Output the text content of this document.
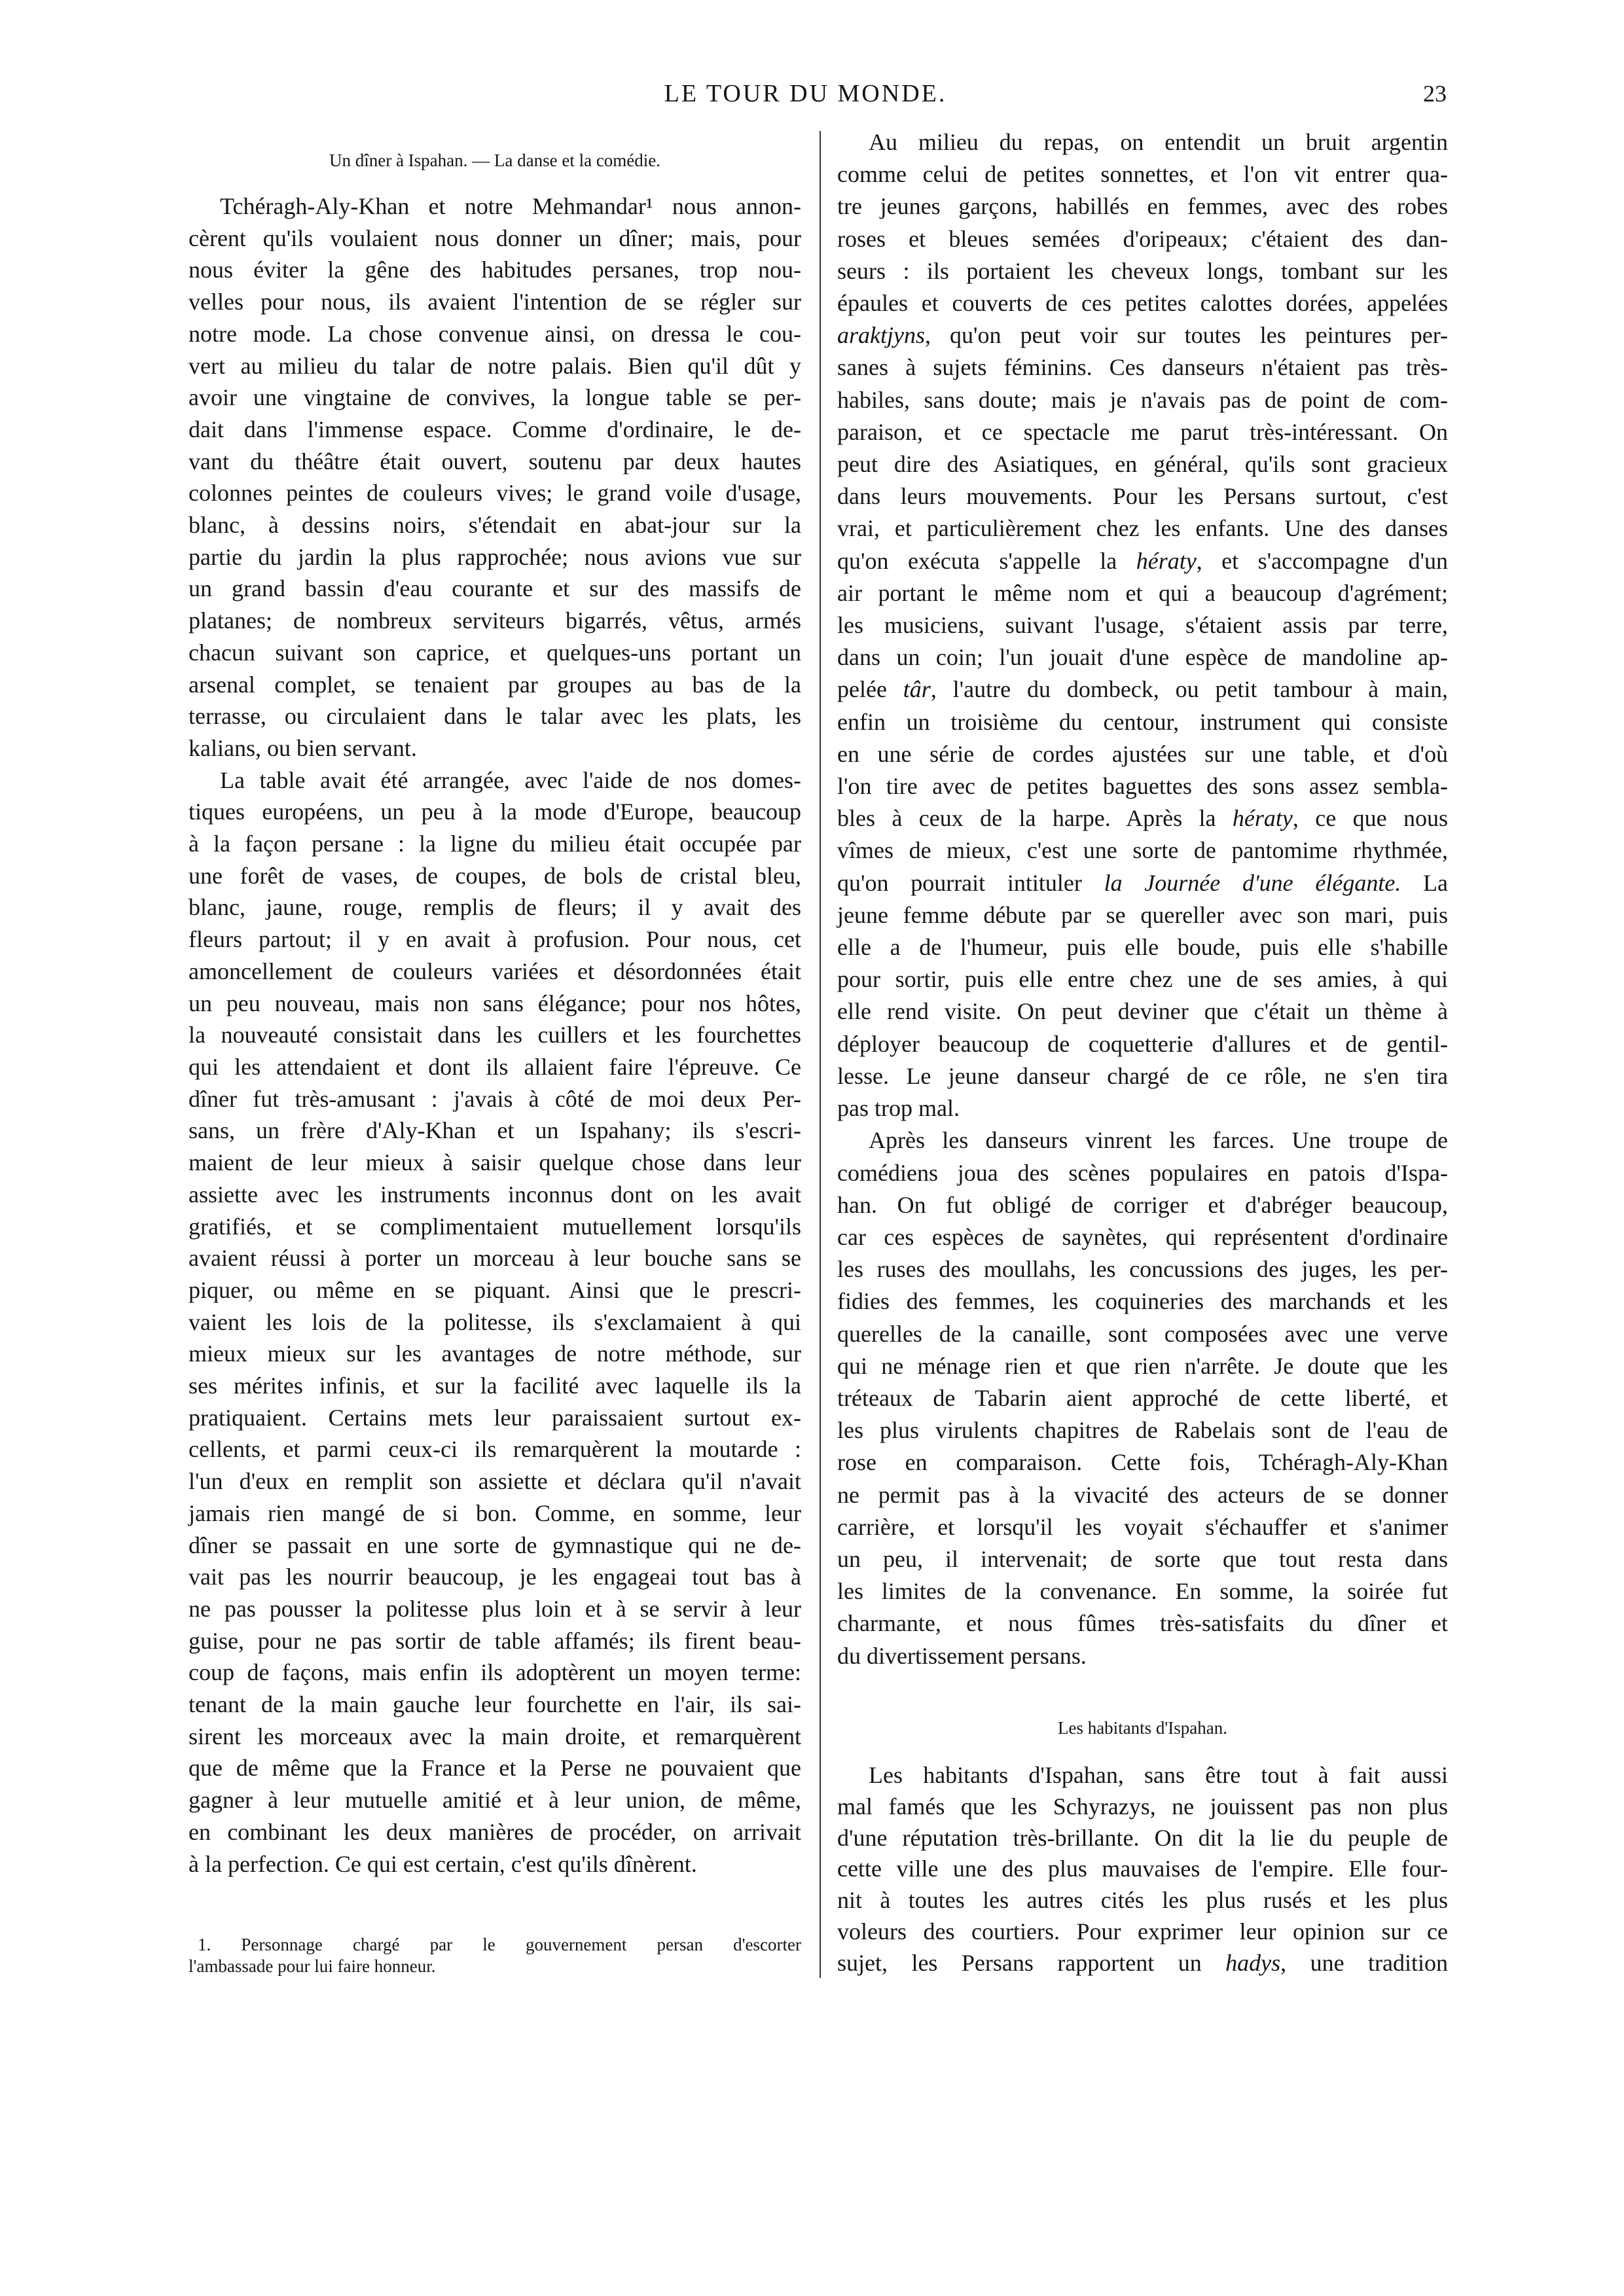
LE TOUR DU MONDE.	23
Un dîner à Ispahan. — La danse et la comédie.
Tchéragh-Aly-Khan et notre Mehmandar¹ nous annon-
cèrent qu'ils voulaient nous donner un dîner; mais, pour
nous éviter la gêne des habitudes persanes, trop nou-
velles pour nous, ils avaient l'intention de se régler sur
notre mode. La chose convenue ainsi, on dressa le cou-
vert au milieu du talar de notre palais. Bien qu'il dût y
avoir une vingtaine de convives, la longue table se per-
dait dans l'immense espace. Comme d'ordinaire, le de-
vant du théâtre était ouvert, soutenu par deux hautes
colonnes peintes de couleurs vives; le grand voile d'usage,
blanc, à dessins noirs, s'étendait en abat-jour sur la
partie du jardin la plus rapprochée; nous avions vue sur
un grand bassin d'eau courante et sur des massifs de
platanes; de nombreux serviteurs bigarrés, vêtus, armés
chacun suivant son caprice, et quelques-uns portant un
arsenal complet, se tenaient par groupes au bas de la
terrasse, ou circulaient dans le talar avec les plats, les
kalians, ou bien servant.
La table avait été arrangée, avec l'aide de nos domes-
tiques européens, un peu à la mode d'Europe, beaucoup
à la façon persane : la ligne du milieu était occupée par
une forêt de vases, de coupes, de bols de cristal bleu,
blanc, jaune, rouge, remplis de fleurs; il y avait des
fleurs partout; il y en avait à profusion. Pour nous, cet
amoncellement de couleurs variées et désordonnées était
un peu nouveau, mais non sans élégance; pour nos hôtes,
la nouveauté consistait dans les cuillers et les fourchettes
qui les attendaient et dont ils allaient faire l'épreuve. Ce
dîner fut très-amusant : j'avais à côté de moi deux Per-
sans, un frère d'Aly-Khan et un Ispahany; ils s'escri-
maient de leur mieux à saisir quelque chose dans leur
assiette avec les instruments inconnus dont on les avait
gratifiés, et se complimentaient mutuellement lorsqu'ils
avaient réussi à porter un morceau à leur bouche sans se
piquer, ou même en se piquant. Ainsi que le prescri-
vaient les lois de la politesse, ils s'exclamaient à qui
mieux mieux sur les avantages de notre méthode, sur
ses mérites infinis, et sur la facilité avec laquelle ils la
pratiquaient. Certains mets leur paraissaient surtout ex-
cellents, et parmi ceux-ci ils remarquèrent la moutarde :
l'un d'eux en remplit son assiette et déclara qu'il n'avait
jamais rien mangé de si bon. Comme, en somme, leur
dîner se passait en une sorte de gymnastique qui ne de-
vait pas les nourrir beaucoup, je les engageai tout bas à
ne pas pousser la politesse plus loin et à se servir à leur
guise, pour ne pas sortir de table affamés; ils firent beau-
coup de façons, mais enfin ils adoptèrent un moyen terme:
tenant de la main gauche leur fourchette en l'air, ils sai-
sirent les morceaux avec la main droite, et remarquèrent
que de même que la France et la Perse ne pouvaient que
gagner à leur mutuelle amitié et à leur union, de même,
en combinant les deux manières de procéder, on arrivait
à la perfection. Ce qui est certain, c'est qu'ils dînèrent.
1. Personnage chargé par le gouvernement persan d'escorter
l'ambassade pour lui faire honneur.
Au milieu du repas, on entendit un bruit argentin
comme celui de petites sonnettes, et l'on vit entrer qua-
tre jeunes garçons, habillés en femmes, avec des robes
roses et bleues semées d'oripeaux; c'étaient des dan-
seurs : ils portaient les cheveux longs, tombant sur les
épaules et couverts de ces petites calottes dorées, appelées
araktjyns, qu'on peut voir sur toutes les peintures per-
sanes à sujets féminins. Ces danseurs n'étaient pas très-
habiles, sans doute; mais je n'avais pas de point de com-
paraison, et ce spectacle me parut très-intéressant. On
peut dire des Asiatiques, en général, qu'ils sont gracieux
dans leurs mouvements. Pour les Persans surtout, c'est
vrai, et particulièrement chez les enfants. Une des danses
qu'on exécuta s'appelle la hératy, et s'accompagne d'un
air portant le même nom et qui a beaucoup d'agrément;
les musiciens, suivant l'usage, s'étaient assis par terre,
dans un coin; l'un jouait d'une espèce de mandoline ap-
pelée târ, l'autre du dombeck, ou petit tambour à main,
enfin un troisième du centour, instrument qui consiste
en une série de cordes ajustées sur une table, et d'où
l'on tire avec de petites baguettes des sons assez sembla-
bles à ceux de la harpe. Après la hératy, ce que nous
vîmes de mieux, c'est une sorte de pantomime rhythmée,
qu'on pourrait intituler la Journée d'une élégante. La
jeune femme débute par se quereller avec son mari, puis
elle a de l'humeur, puis elle boude, puis elle s'habille
pour sortir, puis elle entre chez une de ses amies, à qui
elle rend visite. On peut deviner que c'était un thème à
déployer beaucoup de coquetterie d'allures et de gentil-
lesse. Le jeune danseur chargé de ce rôle, ne s'en tira
pas trop mal.
Après les danseurs vinrent les farces. Une troupe de
comédiens joua des scènes populaires en patois d'Ispa-
han. On fut obligé de corriger et d'abréger beaucoup,
car ces espèces de saynètes, qui représentent d'ordinaire
les ruses des moullahs, les concussions des juges, les per-
fidies des femmes, les coquineries des marchands et les
querelles de la canaille, sont composées avec une verve
qui ne ménage rien et que rien n'arrête. Je doute que les
tréteaux de Tabarin aient approché de cette liberté, et
les plus virulents chapitres de Rabelais sont de l'eau de
rose en comparaison. Cette fois, Tchéragh-Aly-Khan
ne permit pas à la vivacité des acteurs de se donner
carrière, et lorsqu'il les voyait s'échauffer et s'animer
un peu, il intervenait; de sorte que tout resta dans
les limites de la convenance. En somme, la soirée fut
charmante, et nous fûmes très-satisfaits du dîner et
du divertissement persans.
Les habitants d'Ispahan.
Les habitants d'Ispahan, sans être tout à fait aussi
mal famés que les Schyrazys, ne jouissent pas non plus
d'une réputation très-brillante. On dit la lie du peuple de
cette ville une des plus mauvaises de l'empire. Elle four-
nit à toutes les autres cités les plus rusés et les plus
voleurs des courtiers. Pour exprimer leur opinion sur ce
sujet, les Persans rapportent un hadys, une tradition
